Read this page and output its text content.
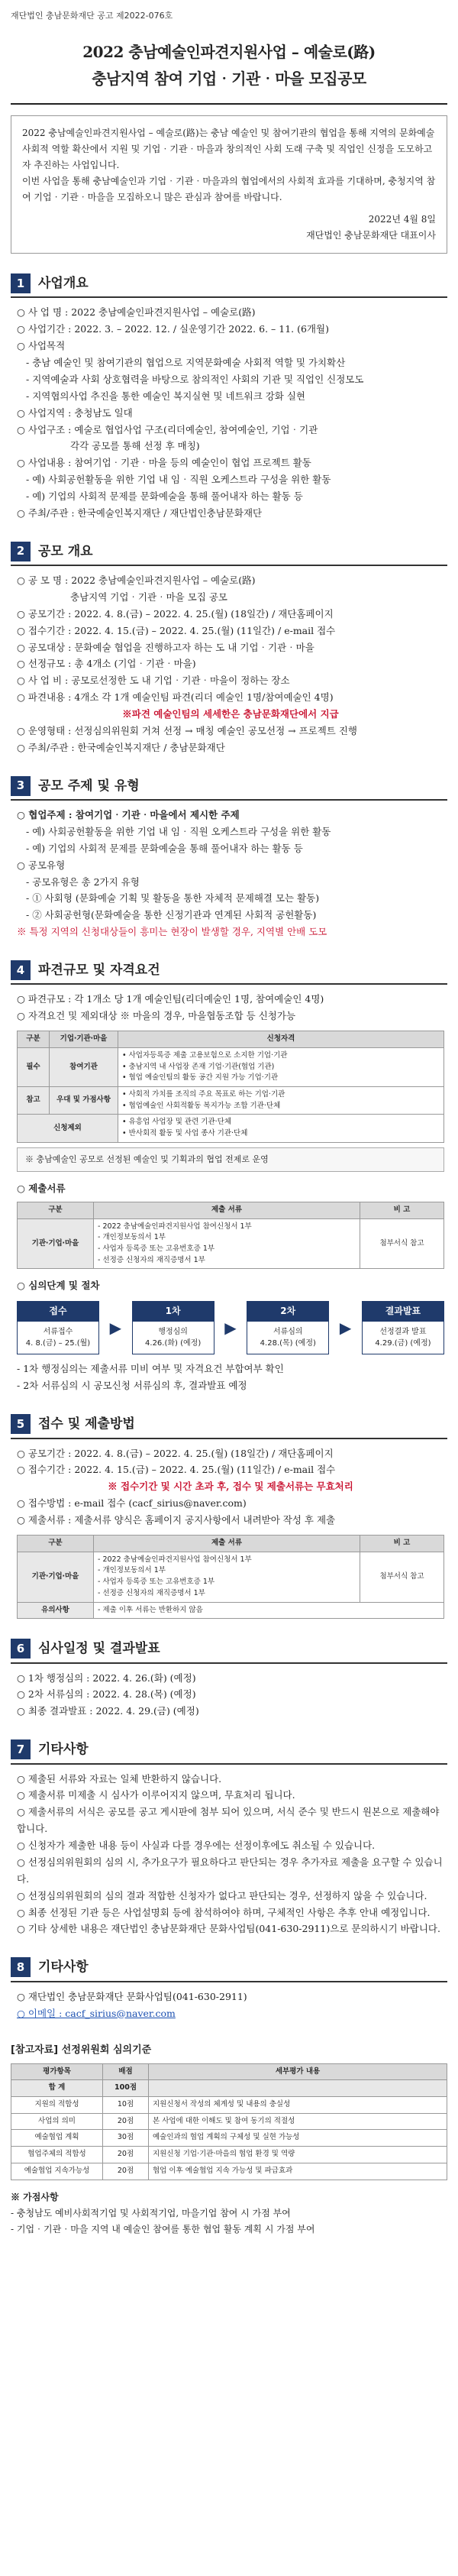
재단법인 충남문화재단 공고 제2022-076호
2022 충남예술인파견지원사업 – 예술로(路)
충남지역 참여 기업‧기관‧마을 모집공모

2022 충남예술인파견지원사업 – 예술로(路)는 충남 예술인 및 참여기관의 협업을 통해 지역의 문화예술 사회적 역할 확산에서 지원 및 기업‧기관‧마을과 창의적인 사회 도래 구축 및 직업인 신정을 도모하고자 추진하는 사업입니다.

이번 사업을 통해 충남예술인과 기업‧기관‧마을과의 협업에서의 사회적 효과를 기대하며, 충청지역 참여 기업‧기관‧마을을 모집하오니 많은 관심과 참여를 바랍니다.

2022년 4월 8일
재단법인 충남문화재단 대표이사
1	사업개요
○ 사 업 명 : 2022 충남예술인파견지원사업 – 예술로(路)
○ 사업기간 : 2022. 3. – 2022. 12. / 실운영기간 2022. 6. – 11. (6개월)
○ 사업목적
- 충남 예술인 및 참여기관의 협업으로 지역문화예술 사회적 역할 및 가치확산
- 지역예술과 사회 상호협력을 바탕으로 참의적인 사회의 기관 및 직업인 신정모도
- 지역협의사업 추진을 통한 예술인 복지실현 및 네트워크 강화 실현
○ 사업지역 : 충청남도 일대
○ 사업구조 : 예술로 협업사업 구조(리더예술인, 참여예술인, 기업‧기관
각각 공모를 통해 선정 후 매칭)
○ 사업내용 : 참여기업‧기관‧마을 등의 예술인이 협업 프로젝트 활동
- 예) 사회공헌활동을 위한 기업 내 임‧직원 오케스트라 구성을 위한 활동
- 예) 기업의 사회적 문제를 문화예술을 통해 풀어내자 하는 활동 등
○ 주최/주관 : 한국예술인복지재단 / 재단법인충남문화재단
2	공모 개요
○ 공 모 명 : 2022 충남예술인파견지원사업 – 예술로(路)
충남지역 기업‧기관‧마을 모집 공모
○ 공모기간 : 2022. 4. 8.(금) – 2022. 4. 25.(월) (18일간) / 재단홈페이지
○ 접수기간 : 2022. 4. 15.(금) – 2022. 4. 25.(월) (11일간) / e-mail 접수
○ 공모대상 : 문화예술 협업을 진행하고자 하는 도 내 기업‧기관‧마을
○ 선정규모 : 총 4개소 (기업‧기관‧마을)
○ 사 업 비 : 공모로선정한 도 내 기업‧기관‧마을이 정하는 장소
○ 파견내용 : 4개소 각 1개 예술인팀 파견(리더 예술인 1명/참여예술인 4명)
※파견 예술인팀의 세세한은 충남문화재단에서 지급
○ 운영형태 : 선정심의위원회 거쳐 선정 → 매칭 예술인 공모선정 → 프로젝트 진행
○ 주최/주관 : 한국예술인복지재단 / 충남문화재단
3	공모 주제 및 유형
○ 협업주제 : 참여기업‧기관‧마을에서 제시한 주제
- 예) 사회공헌활동을 위한 기업 내 임‧직원 오케스트라 구성을 위한 활동
- 예) 기업의 사회적 문제를 문화예술을 통해 풀어내자 하는 활동 등
○ 공모유형
- 공모유형은 총 2가지 유형
- ① 사회형 (문화예술 기획 및 활동을 통한 자체적 문제해결 모는 활동)
- ② 사회공헌형(문화예술을 통한 신정기관과 연계된 사회적 공헌활동)
※ 특정 지역의 신청대상들이 흥미는 현장이 발생할 경우, 지역별 안배 도모
4	파견규모 및 자격요건
○ 파견규모 : 각 1개소 당 1개 예술인팀(리더예술인 1명, 참여예술인 4명)
○ 자격요건 및 제외대상 ※ 마을의 경우, 마을협동조합 등 신청가능
구분	기업‧기관‧마을	신청자격
필수	참여기관	• 사업자등록증 제출 고용보험으로 소지한 기업‧기관
• 충남지역 내 사업장 존재 기업‧기관(협업 기관)
• 협업 예술인팀의 활동 공간 지원 가능 기업‧기관

참고	우대 및 가점사항	• 사회적 가치를 조직의 주요 목표로 하는 기업‧기관
• 협업예술인 사회적활동 복지가능 조합 기관‧단체

신청제외		• 유흥업 사업장 및 관련 기관‧단체
• 반사회적 활동 및 사업 종사 기관‧단체
※ 충남예술인 공모로 선정된 예술인 및 기획과의 협업 전제로 운영
○ 제출서류
구분	제출 서류	비 고
기관‧기업‧마을	- 2022 충남예술인파견지원사업 참여신청서 1부
- 개인정보동의서 1부
- 사업자 등록증 또는 고유번호증 1부
- 선정증 신청자의 재직증명서 1부	첨부서식 참고
○ 심의단계 및 절차
접수
서류접수
4. 8.(금) – 25.(월)
▶
1차
행정심의
4.26.(화) (예정)
▶
2차
서류심의
4.28.(목) (예정)
▶
결과발표
선정결과 발표
4.29.(금) (예정)
- 1차 행정심의는 제출서류 미비 여부 및 자격요건 부합여부 확인
- 2차 서류심의 시 공모신청 서류심의 후, 결과발표 예정
5	접수 및 제출방법
○ 공모기간 : 2022. 4. 8.(금) – 2022. 4. 25.(월) (18일간) / 재단홈페이지
○ 접수기간 : 2022. 4. 15.(금) – 2022. 4. 25.(월) (11일간) / e-mail 접수
※ 접수기간 및 시간 초과 후, 접수 및 제출서류는 무효처리
○ 접수방법 : e-mail 접수 (cacf_sirius@naver.com)
○ 제출서류 : 제출서류 양식은 홈페이지 공지사항에서 내려받아 작성 후 제출
구분	제출 서류	비 고
기관‧기업‧마을	- 2022 충남예술인파견지원사업 참여신청서 1부
- 개인정보동의서 1부
- 사업자 등록증 또는 고유번호증 1부
- 선정증 신청자의 재직증명서 1부	첨부서식 참고
유의사항	- 제출 이후 서류는 반환하지 않음	
6	심사일정 및 결과발표
○ 1차 행정심의 : 2022. 4. 26.(화) (예정)
○ 2차 서류심의 : 2022. 4. 28.(목) (예정)
○ 최종 결과발표 : 2022. 4. 29.(금) (예정)
7	기타사항
○ 제출된 서류와 자료는 일체 반환하지 않습니다.
○ 제출서류 미제출 시 심사가 이루어지지 않으며, 무효처리 됩니다.
○ 제출서류의 서식은 공모를 공고 게시판에 첨부 되어 있으며, 서식 준수 및 반드시 원본으로 제출해야 합니다.
○ 신청자가 제출한 내용 등이 사실과 다를 경우에는 선정이후에도 취소될 수 있습니다.
○ 선정심의위원회의 심의 시, 추가요구가 필요하다고 판단되는 경우 추가자료 제출을 요구할 수 있습니다.
○ 선정심의위원회의 심의 결과 적합한 신청자가 없다고 판단되는 경우, 선정하지 않을 수 있습니다.
○ 최종 선정된 기관 등은 사업설명회 등에 참석하여야 하며, 구체적인 사항은 추후 안내 예정입니다.
○ 기타 상세한 내용은 재단법인 충남문화재단 문화사업팀(041-630-2911)으로 문의하시기 바랍니다.
8	기타사항
○ 재단법인 충남문화재단 문화사업팀(041-630-2911)
○ 이메일 : cacf_sirius@naver.com
[참고자료] 선정위원회 심의기준
평가항목	배점	세부평가 내용
합 계	100점	
지원의 적합성	10점	지원신청서 작성의 체계성 및 내용의 충실성
사업의 의미	20점	본 사업에 대한 이해도 및 참여 동기의 적절성
예술협업 계획	30점	예술인과의 협업 계획의 구체성 및 실현 가능성
협업주체의 적합성	20점	지원신청 기업‧기관‧마을의 협업 환경 및 역량
예술협업 지속가능성	20점	협업 이후 예술협업 지속 가능성 및 파급효과
※ 가점사항
- 충청남도 예비사회적기업 및 사회적기업, 마을기업 참여 시 가점 부여
- 기업‧기관‧마을 지역 내 예술인 참여를 통한 협업 활동 계획 시 가점 부여
